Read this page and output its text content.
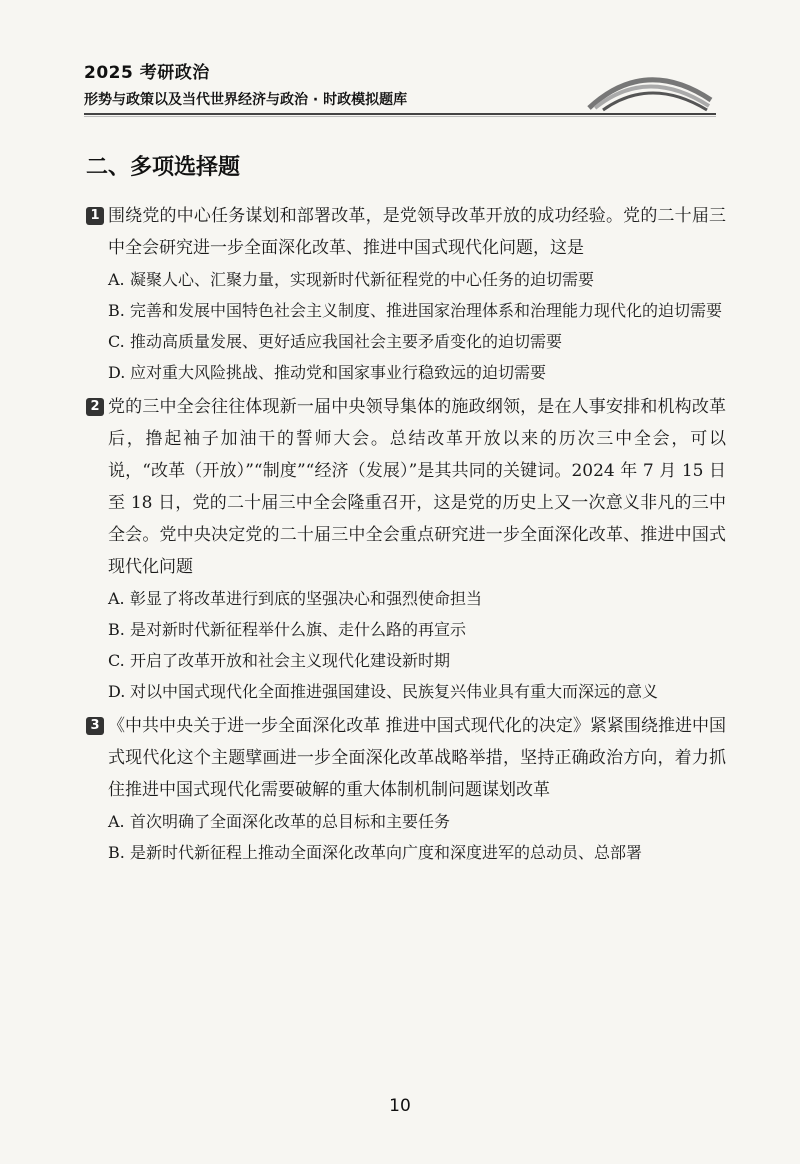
2025 考研政治
形势与政策以及当代世界经济与政治 · 时政模拟题库
二、多项选择题
1 围绕党的中心任务谋划和部署改革，是党领导改革开放的成功经验。党的二十届三中全会研究进一步全面深化改革、推进中国式现代化问题，这是
A. 凝聚人心、汇聚力量，实现新时代新征程党的中心任务的迫切需要
B. 完善和发展中国特色社会主义制度、推进国家治理体系和治理能力现代化的迫切需要
C. 推动高质量发展、更好适应我国社会主要矛盾变化的迫切需要
D. 应对重大风险挑战、推动党和国家事业行稳致远的迫切需要
2 党的三中全会往往体现新一届中央领导集体的施政纲领，是在人事安排和机构改革后，撸起袖子加油干的誓师大会。总结改革开放以来的历次三中全会，可以说，“改革（开放）”“制度”“经济（发展）”是其共同的关键词。2024 年 7 月 15 日至 18 日，党的二十届三中全会隆重召开，这是党的历史上又一次意义非凡的三中全会。党中央决定党的二十届三中全会重点研究进一步全面深化改革、推进中国式现代化问题
A. 彰显了将改革进行到底的坚强决心和强烈使命担当
B. 是对新时代新征程举什么旗、走什么路的再宣示
C. 开启了改革开放和社会主义现代化建设新时期
D. 对以中国式现代化全面推进强国建设、民族复兴伟业具有重大而深远的意义
3 《中共中央关于进一步全面深化改革 推进中国式现代化的决定》紧紧围绕推进中国式现代化这个主题擘画进一步全面深化改革战略举措，坚持正确政治方向，着力抓住推进中国式现代化需要破解的重大体制机制问题谋划改革
A. 首次明确了全面深化改革的总目标和主要任务
B. 是新时代新征程上推动全面深化改革向广度和深度进军的总动员、总部署
10
